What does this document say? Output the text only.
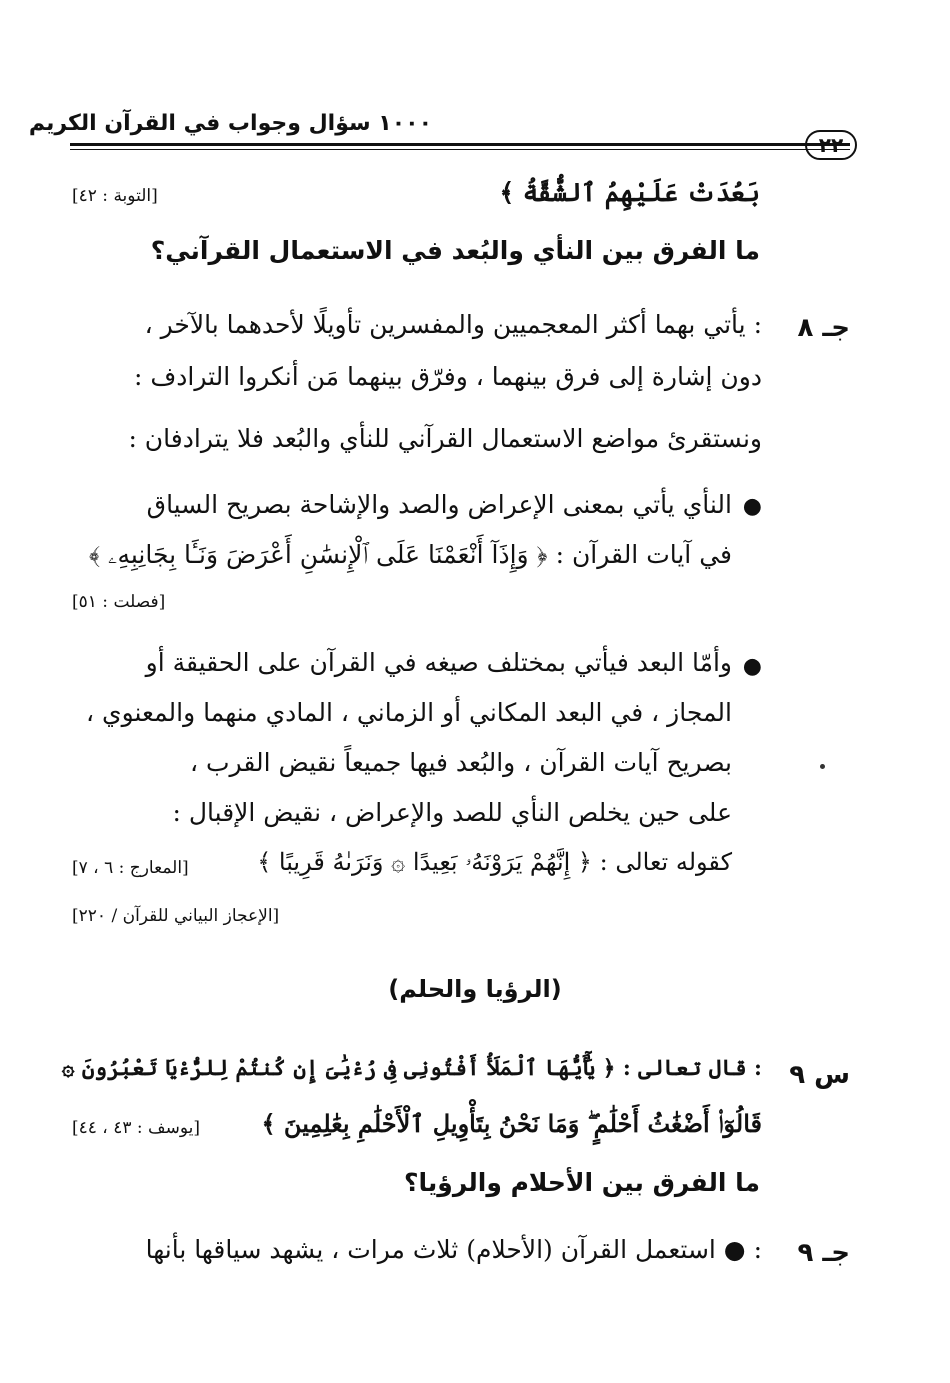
١٠٠٠ سؤال وجواب في القرآن الكريم
٢٢
بَعُدَتْ عَلَيْهِمُ ٱلشُّقَّةُ ﴾
[التوبة : ٤٢]
ما الفرق بين النأي والبُعد في الاستعمال القرآني؟
جـ ٨
: يأتي بهما أكثر المعجميين والمفسرين تأويلًا لأحدهما بالآخر ،
دون إشارة إلى فرق بينهما ، وفرّق بينهما مَن أنكروا الترادف :
ونستقرئ مواضع الاستعمال القرآني للنأي والبُعد فلا يترادفان :
●
النأي يأتي بمعنى الإعراض والصد والإشاحة بصريح السياق
في آيات القرآن : ﴿ وَإِذَآ أَنْعَمْنَا عَلَى ٱلْإِنسَٰنِ أَعْرَضَ وَنَـَٔا بِجَانِبِهِۦ ﴾
[فصلت : ٥١]
●
وأمّا البعد فيأتي بمختلف صيغه في القرآن على الحقيقة أو
المجاز ، في البعد المكاني أو الزماني ، المادي منهما والمعنوي ،
بصريح آيات القرآن ، والبُعد فيها جميعاً نقيض القرب ،
على حين يخلص النأي للصد والإعراض ، نقيض الإقبال :
كقوله تعالى : ﴿ إِنَّهُمْ يَرَوْنَهُۥ بَعِيدًا ۞ وَنَرَىٰهُ قَرِيبًا ﴾
[المعارج : ٦ ، ٧]
[الإعجاز البياني للقرآن / ٢٢٠]
(الرؤيا والحلم)
س ٩
: قال تعالى : ﴿ يَٰٓأَيُّهَا ٱلْمَلَأُ أَفْتُونِى فِى رُءْيَٰىَ إِن كُنتُمْ لِلرُّءْيَا تَعْبُرُونَ ۞
قَالُوٓا۟ أَضْغَٰثُ أَحْلَٰمٍ ۖ وَمَا نَحْنُ بِتَأْوِيلِ ٱلْأَحْلَٰمِ بِعَٰلِمِينَ ﴾
[يوسف : ٤٣ ، ٤٤]
ما الفرق بين الأحلام والرؤيا؟
جـ ٩
: ● استعمل القرآن (الأحلام) ثلاث مرات ، يشهد سياقها بأنها
